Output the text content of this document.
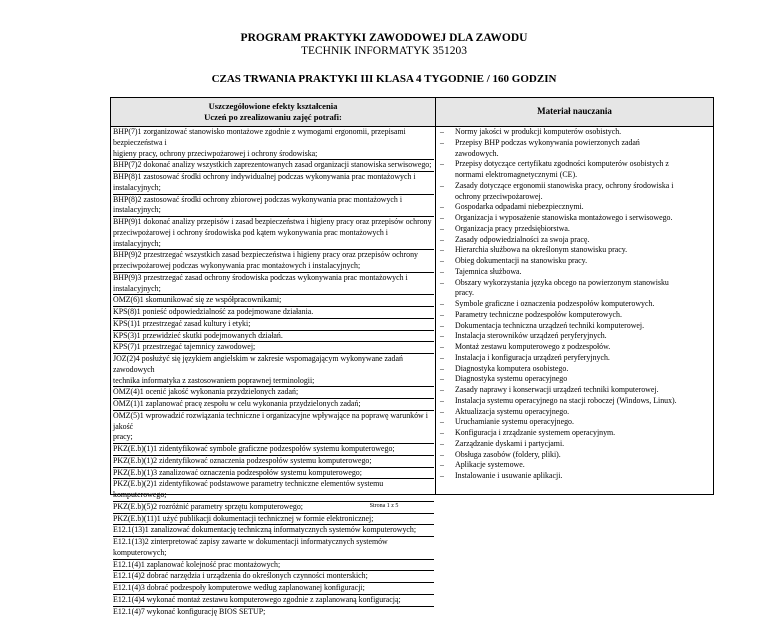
PROGRAM PRAKTYKI ZAWODOWEJ DLA ZAWODU
TECHNIK INFORMATYK 351203
CZAS TRWANIA PRAKTYKI III KLASA 4 TYGODNIE / 160 GODZIN
Uszczegółowione efekty kształcenia
Uczeń po zrealizowaniu zajęć potrafi:
Materiał nauczania
BHP(7)1 zorganizować stanowisko montażowe zgodnie z wymogami ergonomii, przepisami bezpieczeństwa i
higieny pracy, ochrony przeciwpożarowej i ochrony środowiska;
BHP(7)2 dokonać analizy wszystkich zaprezentowanych zasad organizacji stanowiska serwisowego;
BHP(8)1 zastosować środki ochrony indywidualnej podczas wykonywania prac montażowych i instalacyjnych;
BHP(8)2 zastosować środki ochrony zbiorowej podczas wykonywania prac montażowych i instalacyjnych;
BHP(9)1 dokonać analizy przepisów i zasad bezpieczeństwa i higieny pracy oraz przepisów ochrony
przeciwpożarowej i ochrony środowiska pod kątem wykonywania prac montażowych i instalacyjnych;
BHP(9)2 przestrzegać wszystkich zasad bezpieczeństwa i higieny pracy oraz przepisów ochrony
przeciwpożarowej podczas wykonywania prac montażowych i instalacyjnych;
BHP(9)3 przestrzegać zasad ochrony środowiska podczas wykonywania prac montażowych i instalacyjnych;
OMZ(6)1 skomunikować się ze współpracownikami;
KPS(8)1 ponieść odpowiedzialność za podejmowane działania.
KPS(1)1 przestrzegać zasad kultury i etyki;
KPS(3)1 przewidzieć skutki podejmowanych działań.
KPS(7)1 przestrzegać tajemnicy zawodowej;
JOZ(2)4 posłużyć się językiem angielskim w zakresie wspomagającym wykonywane zadań zawodowych
technika informatyka z zastosowaniem poprawnej terminologii;
OMZ(4)1 ocenić jakość wykonania przydzielonych zadań;
OMZ(1)1 zaplanować pracę zespołu w celu wykonania przydzielonych zadań;
OMZ(5)1 wprowadzić rozwiązania techniczne i organizacyjne wpływające na poprawę warunków i jakość
pracy;
PKZ(E.b)(1)1 zidentyfikować symbole graficzne podzespołów systemu komputerowego;
PKZ(E.b)(1)2 zidentyfikować oznaczenia podzespołów systemu komputerowego;
PKZ(E.b)(1)3 zanalizować oznaczenia podzespołów systemu komputerowego;
PKZ(E.b)(2)1 zidentyfikować podstawowe parametry techniczne elementów systemu komputerowego;
PKZ(E.b)(5)2 rozróżnić parametry sprzętu komputerowego;
PKZ(E.b)(11)1 użyć publikacji dokumentacji technicznej w formie elektronicznej;
E12.1(13)1 zanalizować dokumentację techniczną informatycznych systemów komputerowych;
E12.1(13)2 zinterpretować zapisy zawarte w dokumentacji informatycznych systemów komputerowych;
E12.1(4)1 zaplanować kolejność prac montażowych;
E12.1(4)2 dobrać narzędzia i urządzenia do określonych czynności monterskich;
E12.1(4)3 dobrać podzespoły komputerowe według zaplanowanej konfiguracji;
E12.1(4)4 wykonać montaż zestawu komputerowego zgodnie z zaplanowaną konfiguracją;
E12.1(4)7 wykonać konfigurację BIOS SETUP;
–	Normy jakości w produkcji komputerów osobistych.
–	Przepisy BHP podczas wykonywania powierzonych zadań
zawodowych.
–	Przepisy dotyczące certyfikatu zgodności komputerów osobistych z
normami elektromagnetycznymi (CE).
–	Zasady dotyczące ergonomii stanowiska pracy, ochrony środowiska i
ochrony przeciwpożarowej.
–	Gospodarka odpadami niebezpiecznymi.
–	Organizacja i wyposażenie stanowiska montażowego i serwisowego.
–	Organizacja pracy przedsiębiorstwa.
–	Zasady odpowiedzialności za swoja pracę.
–	Hierarchia służbowa na określonym stanowisku pracy.
–	Obieg dokumentacji na stanowisku pracy.
–	Tajemnica służbowa.
–	Obszary wykorzystania języka obcego na powierzonym stanowisku
pracy.
–	Symbole graficzne i oznaczenia podzespołów komputerowych.
–	Parametry techniczne podzespołów komputerowych.
–	Dokumentacja techniczna urządzeń techniki komputerowej.
–	Instalacja sterowników urządzeń peryferyjnych.
–	Montaż zestawu komputerowego z podzespołów.
–	Instalacja i konfiguracja urządzeń peryferyjnych.
–	Diagnostyka komputera osobistego.
–	Diagnostyka systemu operacyjnego
–	Zasady naprawy i konserwacji urządzeń techniki komputerowej.
–	Instalacja systemu operacyjnego na stacji roboczej (Windows, Linux).
–	Aktualizacja systemu operacyjnego.
–	Uruchamianie systemu operacyjnego.
–	Konfiguracja i zrządzanie systemem operacyjnym.
–	Zarządzanie dyskami i partycjami.
–	Obsługa zasobów (foldery, pliki).
–	Aplikacje systemowe.
–	Instalowanie i usuwanie aplikacji.
Strona 1 z 5
